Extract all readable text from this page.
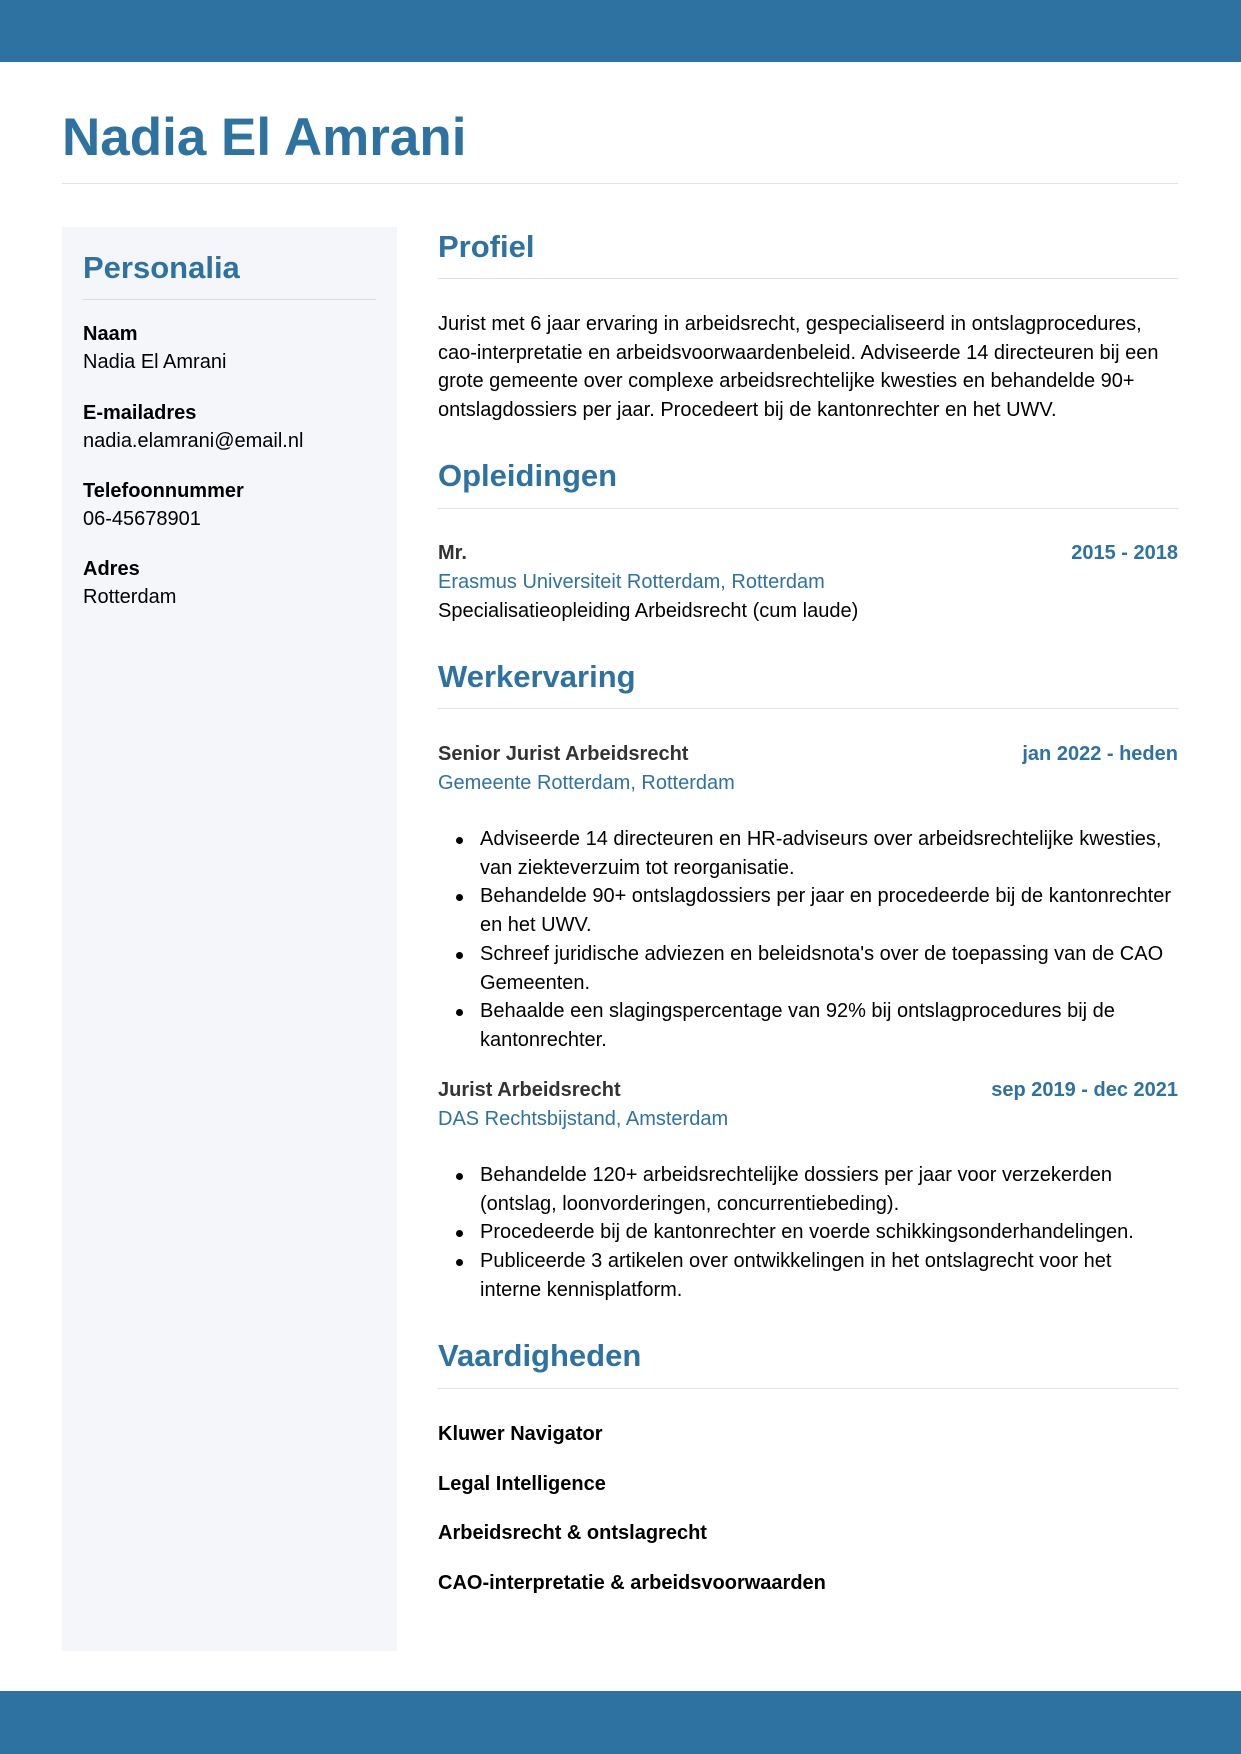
Nadia El Amrani
Personalia
Naam
Nadia El Amrani
E-mailadres
nadia.elamrani@email.nl
Telefoonnummer
06-45678901
Adres
Rotterdam
Profiel

Jurist met 6 jaar ervaring in arbeidsrecht, gespecialiseerd in ontslagprocedures, cao-interpretatie en arbeidsvoorwaardenbeleid. Adviseerde 14 directeuren bij een grote gemeente over complexe arbeidsrechtelijke kwesties en behandelde 90+ ontslagdossiers per jaar. Procedeert bij de kantonrechter en het UWV.

Opleidingen
Mr.	2015 - 2018
Erasmus Universiteit Rotterdam, Rotterdam
Specialisatieopleiding Arbeidsrecht (cum laude)
Werkervaring
Senior Jurist Arbeidsrecht	jan 2022 - heden
Gemeente Rotterdam, Rotterdam
Adviseerde 14 directeuren en HR-adviseurs over arbeidsrechtelijke kwesties, van ziekteverzuim tot reorganisatie.
Behandelde 90+ ontslagdossiers per jaar en procedeerde bij de kantonrechter en het UWV.
Schreef juridische adviezen en beleidsnota's over de toepassing van de CAO Gemeenten.
Behaalde een slagingspercentage van 92% bij ontslagprocedures bij de kantonrechter.
Jurist Arbeidsrecht	sep 2019 - dec 2021
DAS Rechtsbijstand, Amsterdam
Behandelde 120+ arbeidsrechtelijke dossiers per jaar voor verzekerden (ontslag, loonvorderingen, concurrentiebeding).
Procedeerde bij de kantonrechter en voerde schikkingsonderhandelingen.
Publiceerde 3 artikelen over ontwikkelingen in het ontslagrecht voor het interne kennisplatform.
Vaardigheden
Kluwer Navigator
Legal Intelligence
Arbeidsrecht & ontslagrecht
CAO-interpretatie & arbeidsvoorwaarden
